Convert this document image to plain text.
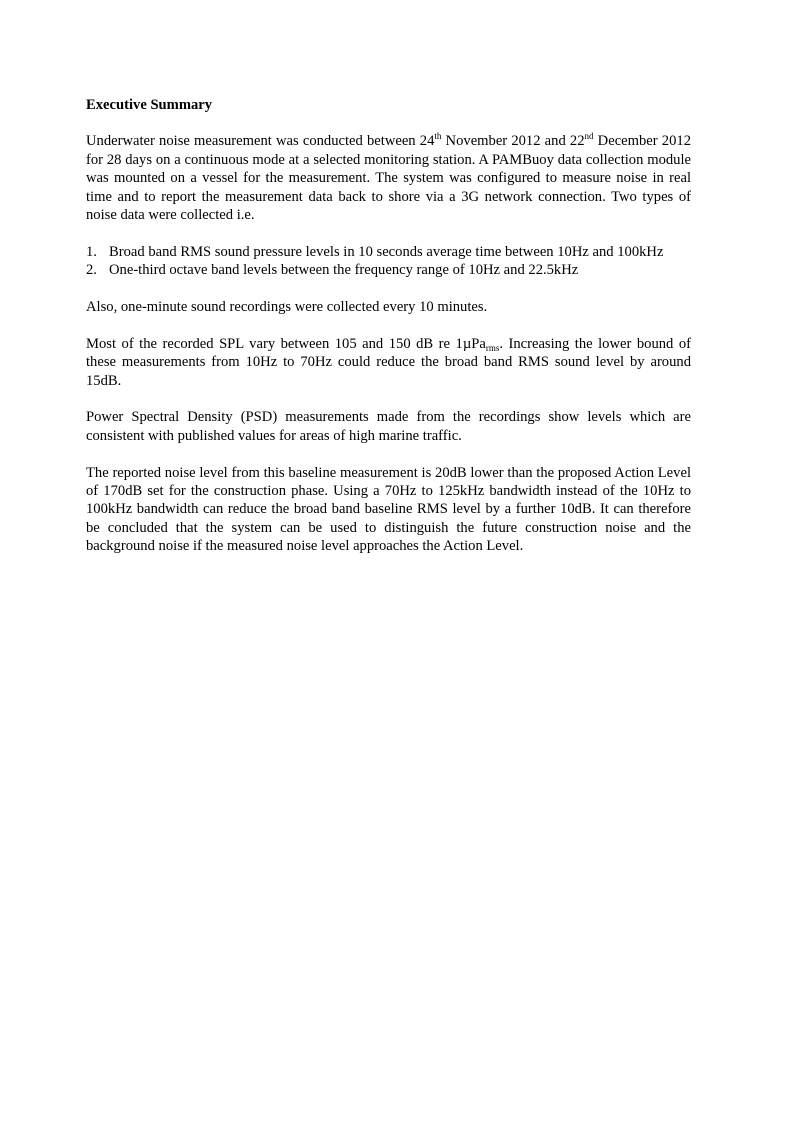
Executive Summary

Underwater noise measurement was conducted between 24th November 2012 and 22nd December 2012 for 28 days on a continuous mode at a selected monitoring station. A PAMBuoy data collection module was mounted on a vessel for the measurement. The system was configured to measure noise in real time and to report the measurement data back to shore via a 3G network connection. Two types of noise data were collected i.e.

1. Broad band RMS sound pressure levels in 10 seconds average time between 10Hz and 100kHz
2. One-third octave band levels between the frequency range of 10Hz and 22.5kHz

Also, one-minute sound recordings were collected every 10 minutes.

Most of the recorded SPL vary between 105 and 150 dB re 1µPa$_{rms}$. Increasing the lower bound of these measurements from 10Hz to 70Hz could reduce the broad band RMS sound level by around 15dB.

Power Spectral Density (PSD) measurements made from the recordings show levels which are consistent with published values for areas of high marine traffic.

The reported noise level from this baseline measurement is 20dB lower than the proposed Action Level of 170dB set for the construction phase. Using a 70Hz to 125kHz bandwidth instead of the 10Hz to 100kHz bandwidth can reduce the broad band baseline RMS level by a further 10dB. It can therefore be concluded that the system can be used to distinguish the future construction noise and the background noise if the measured noise level approaches the Action Level.
